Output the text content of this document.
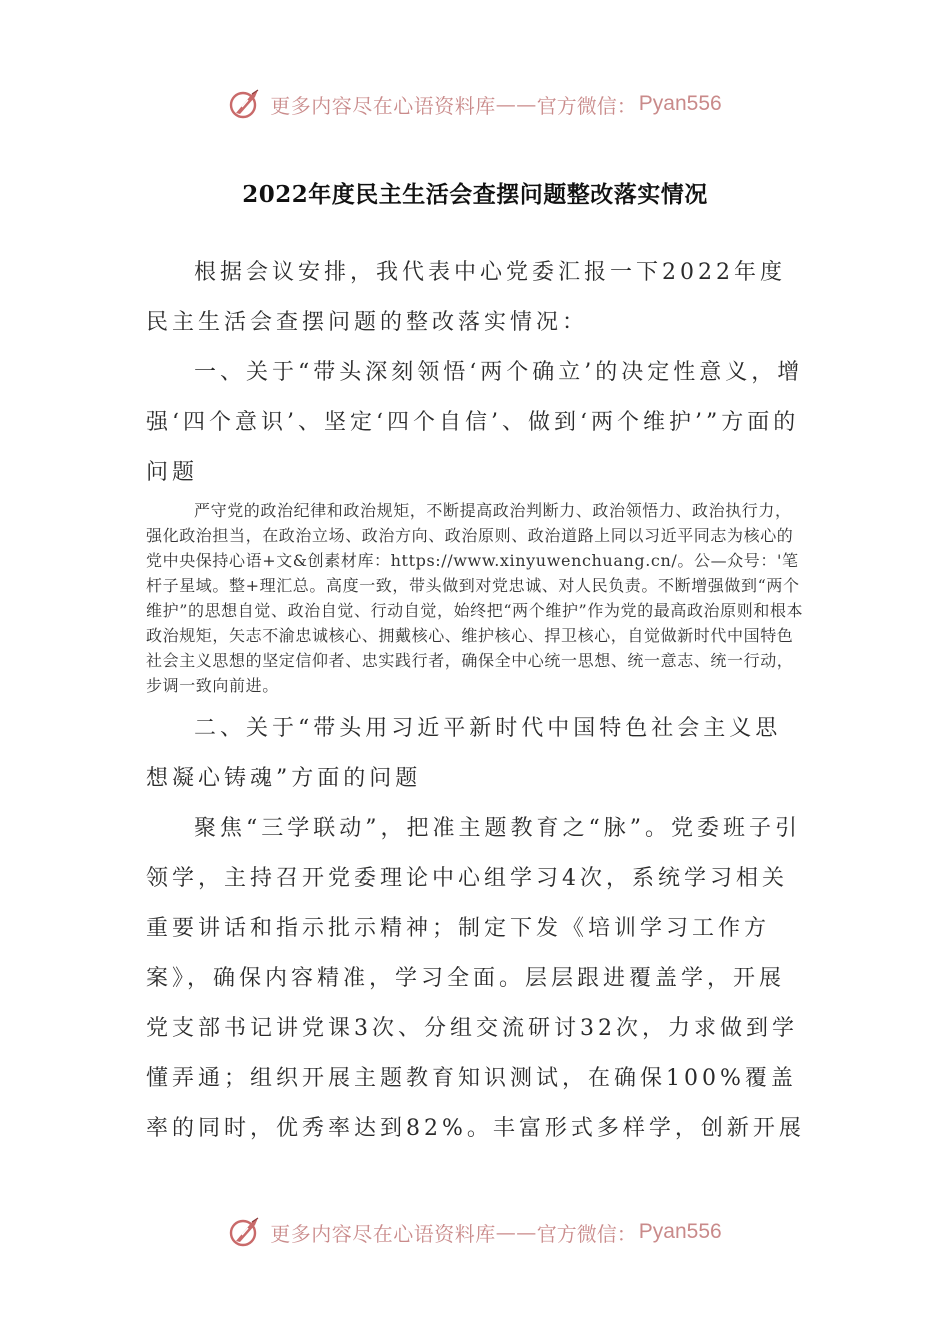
更多内容尽在心语资料库 —— 官方微信： Pyan556
2022年度民主生活会查摆问题整改落实情况

根据会议安排，我代表中心党委汇报一下2022年度民主生活会查摆问题的整改落实情况：

一、关于“带头深刻领悟‘两个确立’的决定性意义，增强‘四个意识’、坚定‘四个自信’、做到‘两个维护’”方面的问题

严守党的政治纪律和政治规矩，不断提高政治判断力、政治领悟力、政治执行力，强化政治担当，在政治立场、政治方向、政治原则、政治道路上同以习近平同志为核心的党中央保持心语+文&创素材库：https://www.xinyuwenchuang.cn/。公—众号：'笔杆子星域。整+理汇总。高度一致，带头做到对党忠诚、对人民负责。不断增强做到“两个维护”的思想自觉、政治自觉、行动自觉，始终把“两个维护”作为党的最高政治原则和根本政治规矩，矢志不渝忠诚核心、拥戴核心、维护核心、捍卫核心，自觉做新时代中国特色社会主义思想的坚定信仰者、忠实践行者，确保全中心统一思想、统一意志、统一行动，步调一致向前进。

二、关于“带头用习近平新时代中国特色社会主义思想凝心铸魂”方面的问题

聚焦“三学联动”，把准主题教育之“脉”。党委班子引领学，主持召开党委理论中心组学习4次，系统学习相关重要讲话和指示批示精神；制定下发《培训学习工作方案》，确保内容精准，学习全面。层层跟进覆盖学，开展党支部书记讲党课3次、分组交流研讨32次，力求做到学懂弄通；组织开展主题教育知识测试，在确保100%覆盖率的同时，优秀率达到82%。丰富形式多样学，创新开展

更多内容尽在心语资料库 —— 官方微信： Pyan556
